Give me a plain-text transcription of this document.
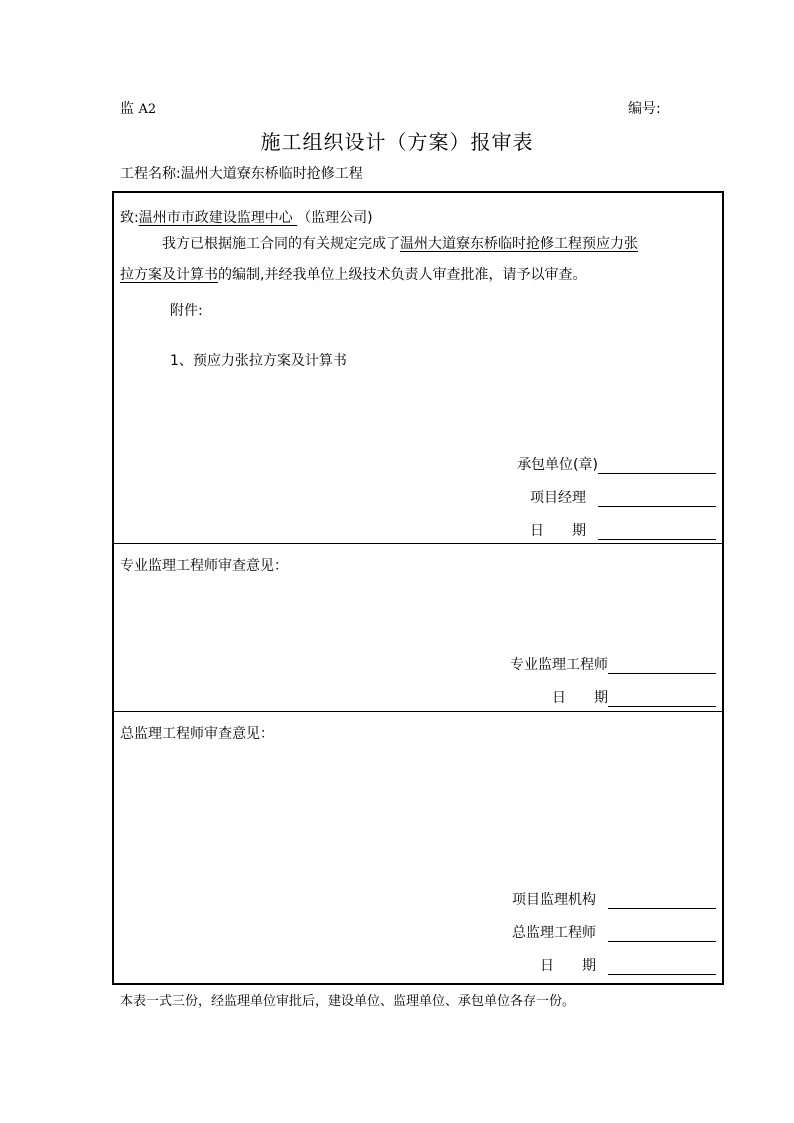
监 A2	编号:
施工组织设计（方案）报审表
工程名称:温州大道寮东桥临时抢修工程
致:温州市市政建设监理中心 （监理公司)
我方已根据施工合同的有关规定完成了温州大道寮东桥临时抢修工程预应力张
拉方案及计算书的编制,并经我单位上级技术负责人审查批准，请予以审查。
附件:
1、预应力张拉方案及计算书
承包单位(章)
项目经理
日　　期
专业监理工程师审查意见：
专业监理工程师
日　　期
总监理工程师审查意见：
项目监理机构
总监理工程师
日　　期
本表一式三份，经监理单位审批后，建设单位、监理单位、承包单位各存一份。
